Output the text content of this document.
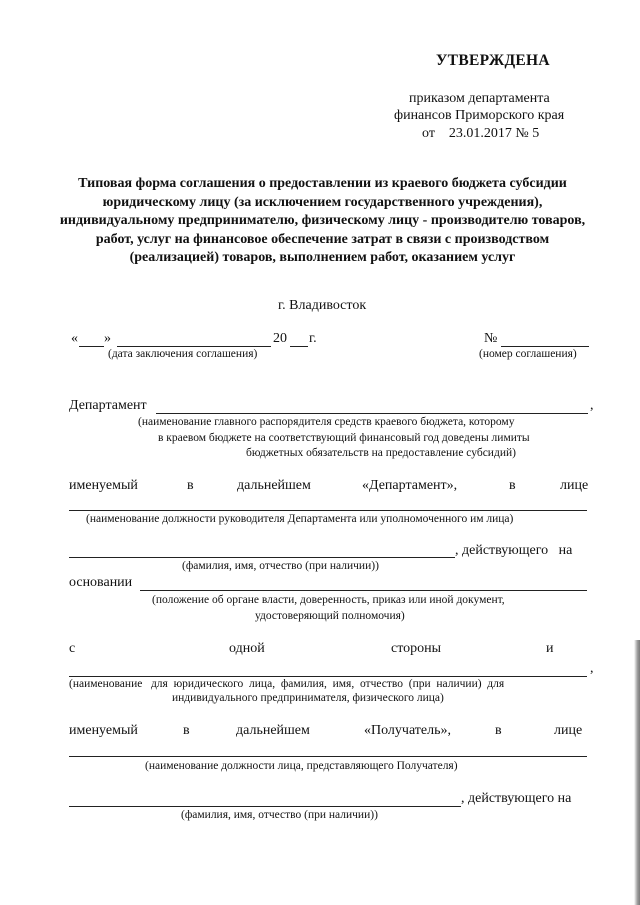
УТВЕРЖДЕНА
приказом департамента
финансов Приморского края
от    23.01.2017 № 5
Типовая форма соглашения о предоставлении из краевого бюджета субсидии юридическому лицу (за исключением государственного учреждения), индивидуальному предпринимателю, физическому лицу - производителю товаров, работ, услуг на финансовое обеспечение затрат в связи с производством (реализацией) товаров, выполнением работ, оказанием услуг
г. Владивосток
« »	20 г.	№
(дата заключения соглашения)	(номер соглашения)
Департамент	,
(наименование главного распорядителя средств краевого бюджета, которому
в краевом бюджете на соответствующий финансовый год доведены лимиты
бюджетных обязательств на предоставление субсидий)
именуемый	в	дальнейшем	«Департамент»,	в	лице
(наименование должности руководителя Департамента или уполномоченного им лица)
, действующего   на
(фамилия, имя, отчество (при наличии))
основании
(положение об органе власти, доверенность, приказ или иной документ,
удостоверяющий полномочия)
с	одной	стороны	и
,
(наименование   для  юридического  лица,  фамилия,  имя,  отчество  (при  наличии)  для
индивидуального предпринимателя, физического лица)
именуемый	в	дальнейшем	«Получатель»,	в	лице
(наименование должности лица, представляющего Получателя)
, действующего на
(фамилия, имя, отчество (при наличии))
